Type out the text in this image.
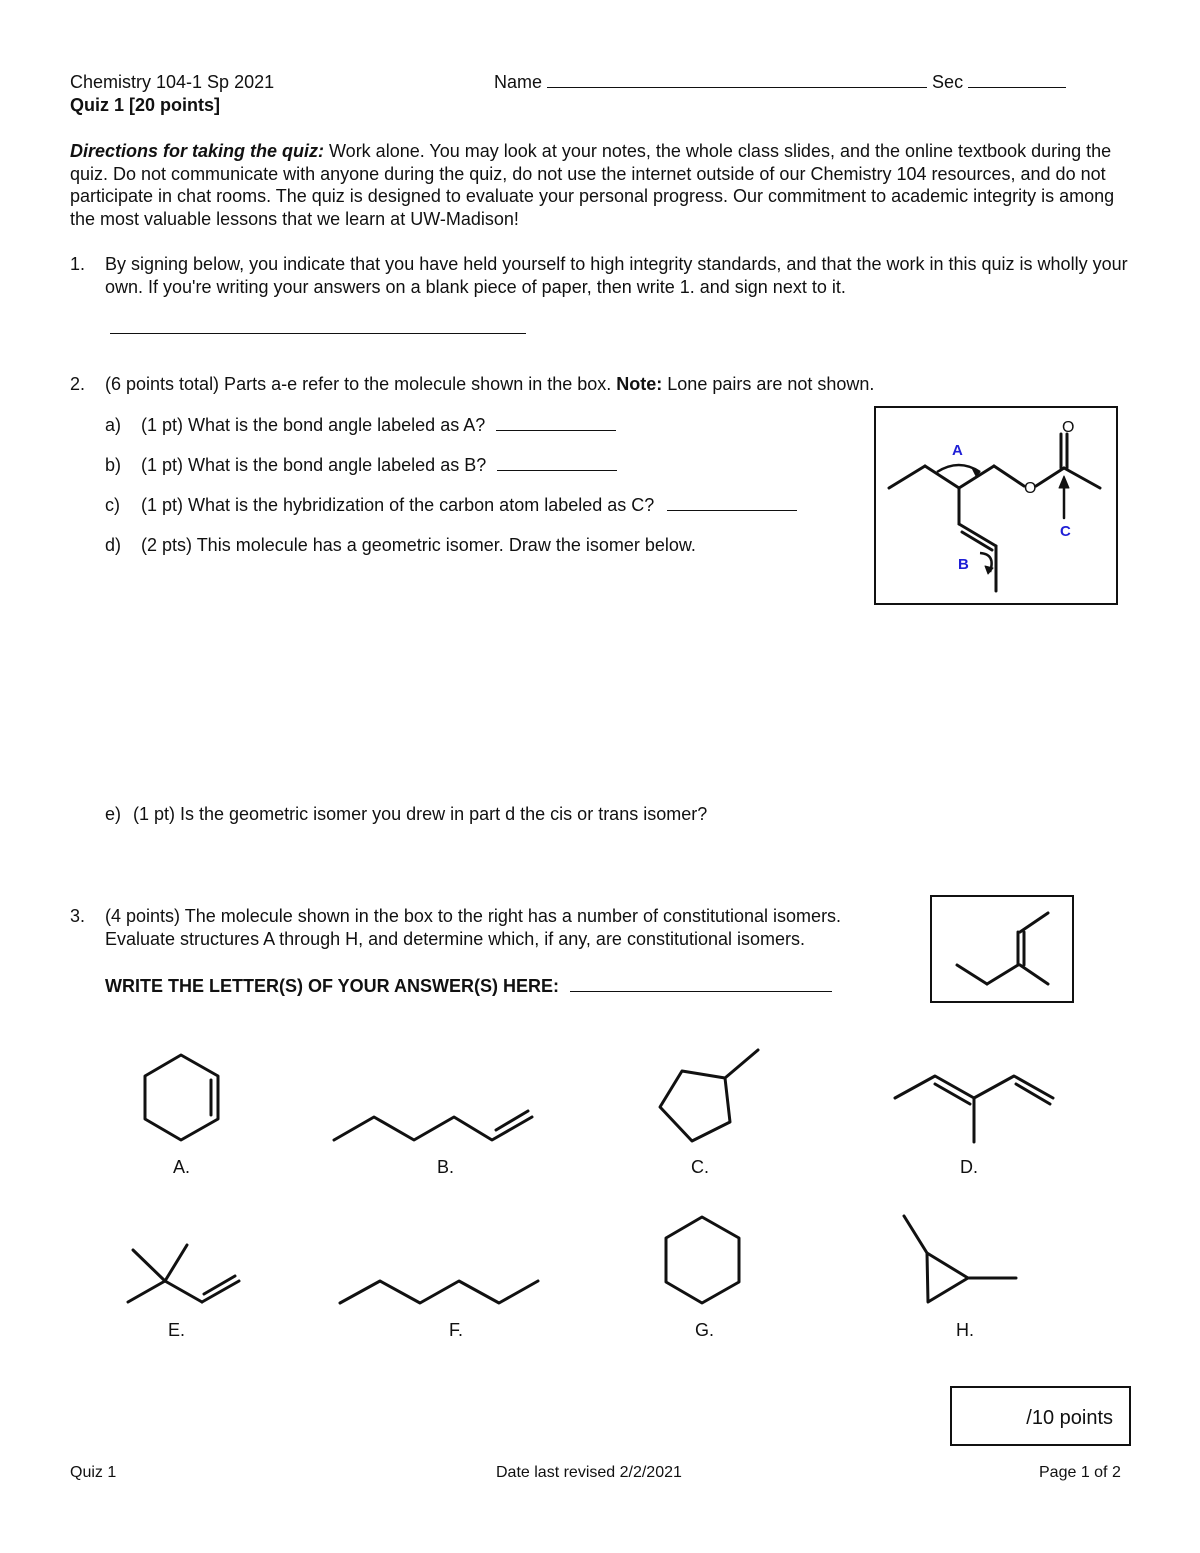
Chemistry 104-1 Sp 2021	Name	Sec
Quiz 1 [20 points]
Directions for taking the quiz: Work alone. You may look at your notes, the whole class slides, and the online textbook during the quiz. Do not communicate with anyone during the quiz, do not use the internet outside of our Chemistry 104 resources, and do not participate in chat rooms. The quiz is designed to evaluate your personal progress. Our commitment to academic integrity is among the most valuable lessons that we learn at UW-Madison!
1. By signing below, you indicate that you have held yourself to high integrity standards, and that the work in this quiz is wholly your own. If you're writing your answers on a blank piece of paper, then write 1. and sign next to it.
2. (6 points total) Parts a-e refer to the molecule shown in the box. Note: Lone pairs are not shown.
a) (1 pt) What is the bond angle labeled as A?
b) (1 pt) What is the bond angle labeled as B?
c) (1 pt) What is the hybridization of the carbon atom labeled as C?
d) (2 pts) This molecule has a geometric isomer. Draw the isomer below.
e) (1 pt) Is the geometric isomer you drew in part d the cis or trans isomer?
O
O
A
B
C
3. (4 points) The molecule shown in the box to the right has a number of constitutional isomers. Evaluate structures A through H, and determine which, if any, are constitutional isomers.
WRITE THE LETTER(S) OF YOUR ANSWER(S) HERE:
A.	B.	C.	D.
E.	F.	G.	H.
/10 points
Quiz 1	Date last revised 2/2/2021	Page 1 of 2
